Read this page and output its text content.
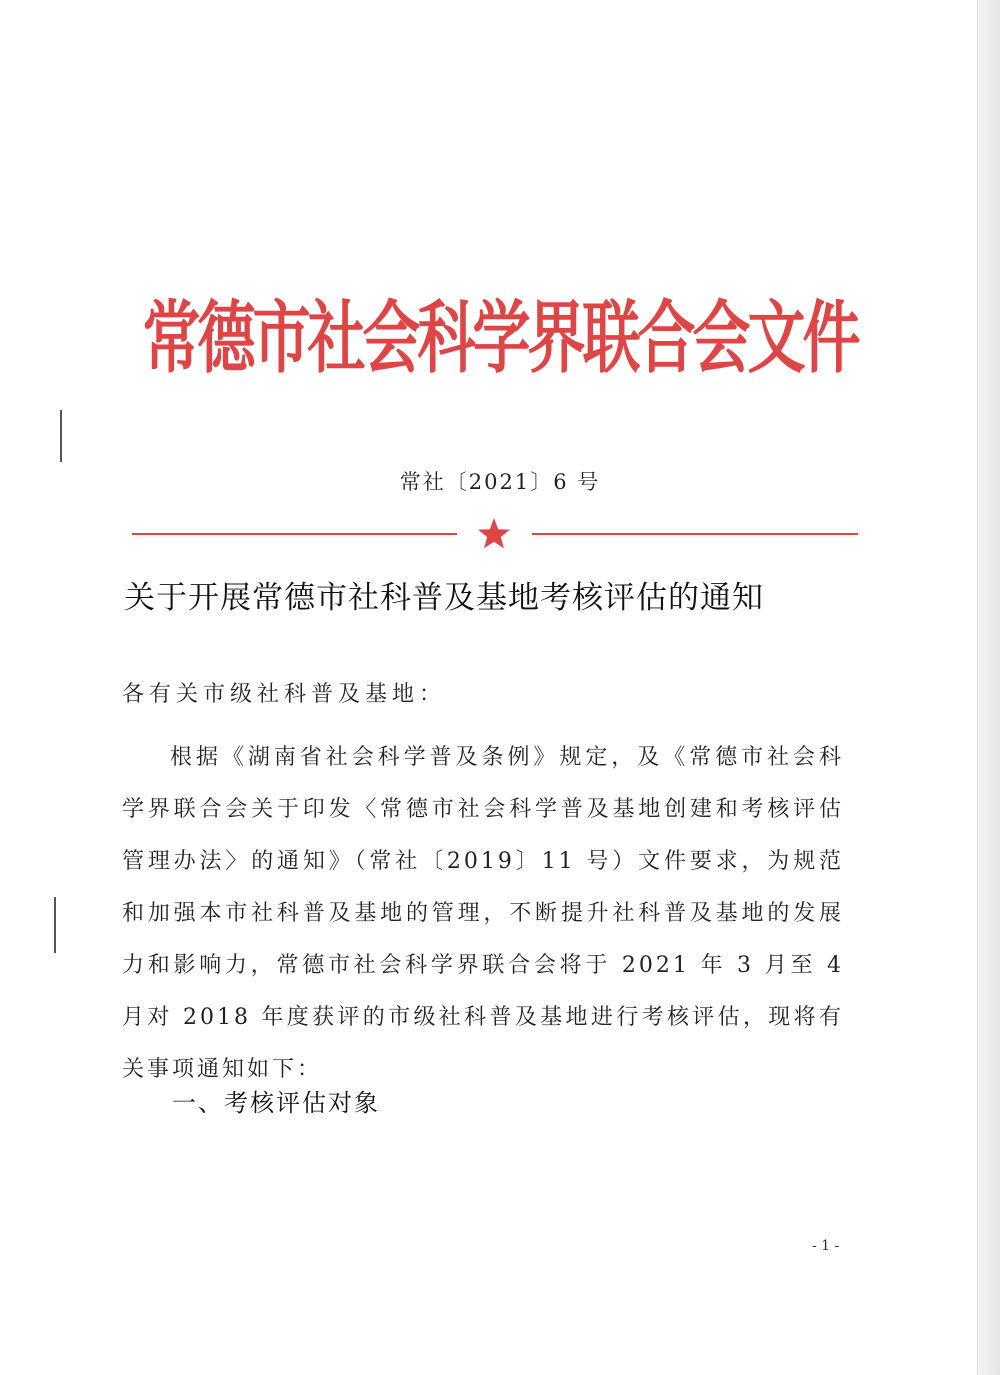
常德市社会科学界联合会文件
常社〔2021〕6 号
关于开展常德市社科普及基地考核评估的通知
各有关市级社科普及基地：
根据《湖南省社会科学普及条例》规定，及《常德市社会科学界联合会关于印发〈常德市社会科学普及基地创建和考核评估管理办法〉的通知》（常社〔2019〕11 号）文件要求，为规范和加强本市社科普及基地的管理，不断提升社科普及基地的发展力和影响力，常德市社会科学界联合会将于 2021 年 3 月至 4 月对 2018 年度获评的市级社科普及基地进行考核评估，现将有关事项通知如下：
一、考核评估对象
- 1 -
